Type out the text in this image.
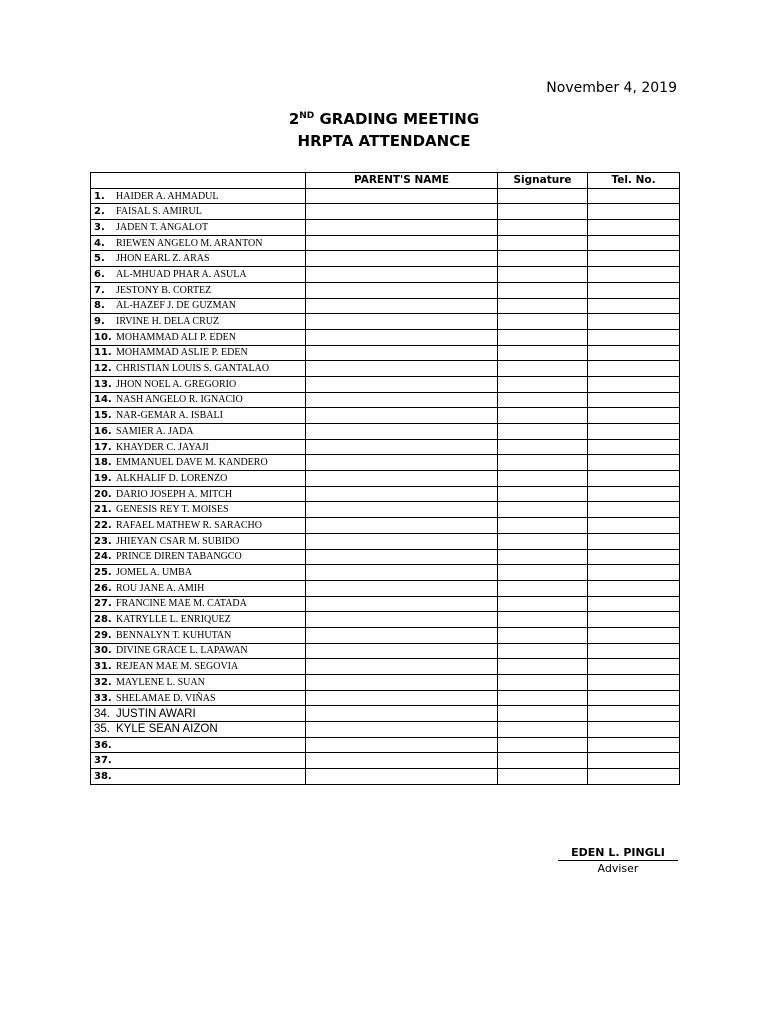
November 4, 2019
2ND GRADING MEETING
HRPTA ATTENDANCE
	PARENT'S NAME	Signature	Tel. No.
1. HAIDER A. AHMADUL			
2. FAISAL S. AMIRUL			
3. JADEN T. ANGALOT			
4. RIEWEN ANGELO M. ARANTON			
5. JHON EARL Z. ARAS			
6. AL-MHUAD PHAR A. ASULA			
7. JESTONY B. CORTEZ			
8. AL-HAZEF J. DE GUZMAN			
9. IRVINE H. DELA CRUZ			
10. MOHAMMAD ALI P. EDEN			
11. MOHAMMAD ASLIE P. EDEN			
12. CHRISTIAN LOUIS S. GANTALAO			
13. JHON NOEL A. GREGORIO			
14. NASH ANGELO R. IGNACIO			
15. NAR-GEMAR A. ISBALI			
16. SAMIER A. JADA			
17. KHAYDER C. JAYAJI			
18. EMMANUEL DAVE M. KANDERO			
19. ALKHALIF D. LORENZO			
20. DARIO JOSEPH A. MITCH			
21. GENESIS REY T. MOISES			
22. RAFAEL MATHEW R. SARACHO			
23. JHIEYAN CSAR M. SUBIDO			
24. PRINCE DIREN TABANGCO			
25. JOMEL A. UMBA			
26. ROU JANE A. AMIH			
27. FRANCINE MAE M. CATADA			
28. KATRYLLE L. ENRIQUEZ			
29. BENNALYN T. KUHUTAN			
30. DIVINE GRACE L. LAPAWAN			
31. REJEAN MAE M. SEGOVIA			
32. MAYLENE L. SUAN			
33. SHELAMAE D. VIÑAS			
34. JUSTIN AWARI			
35. KYLE SEAN AIZON			
36.			
37.			
38.			
EDEN L. PINGLI
Adviser
